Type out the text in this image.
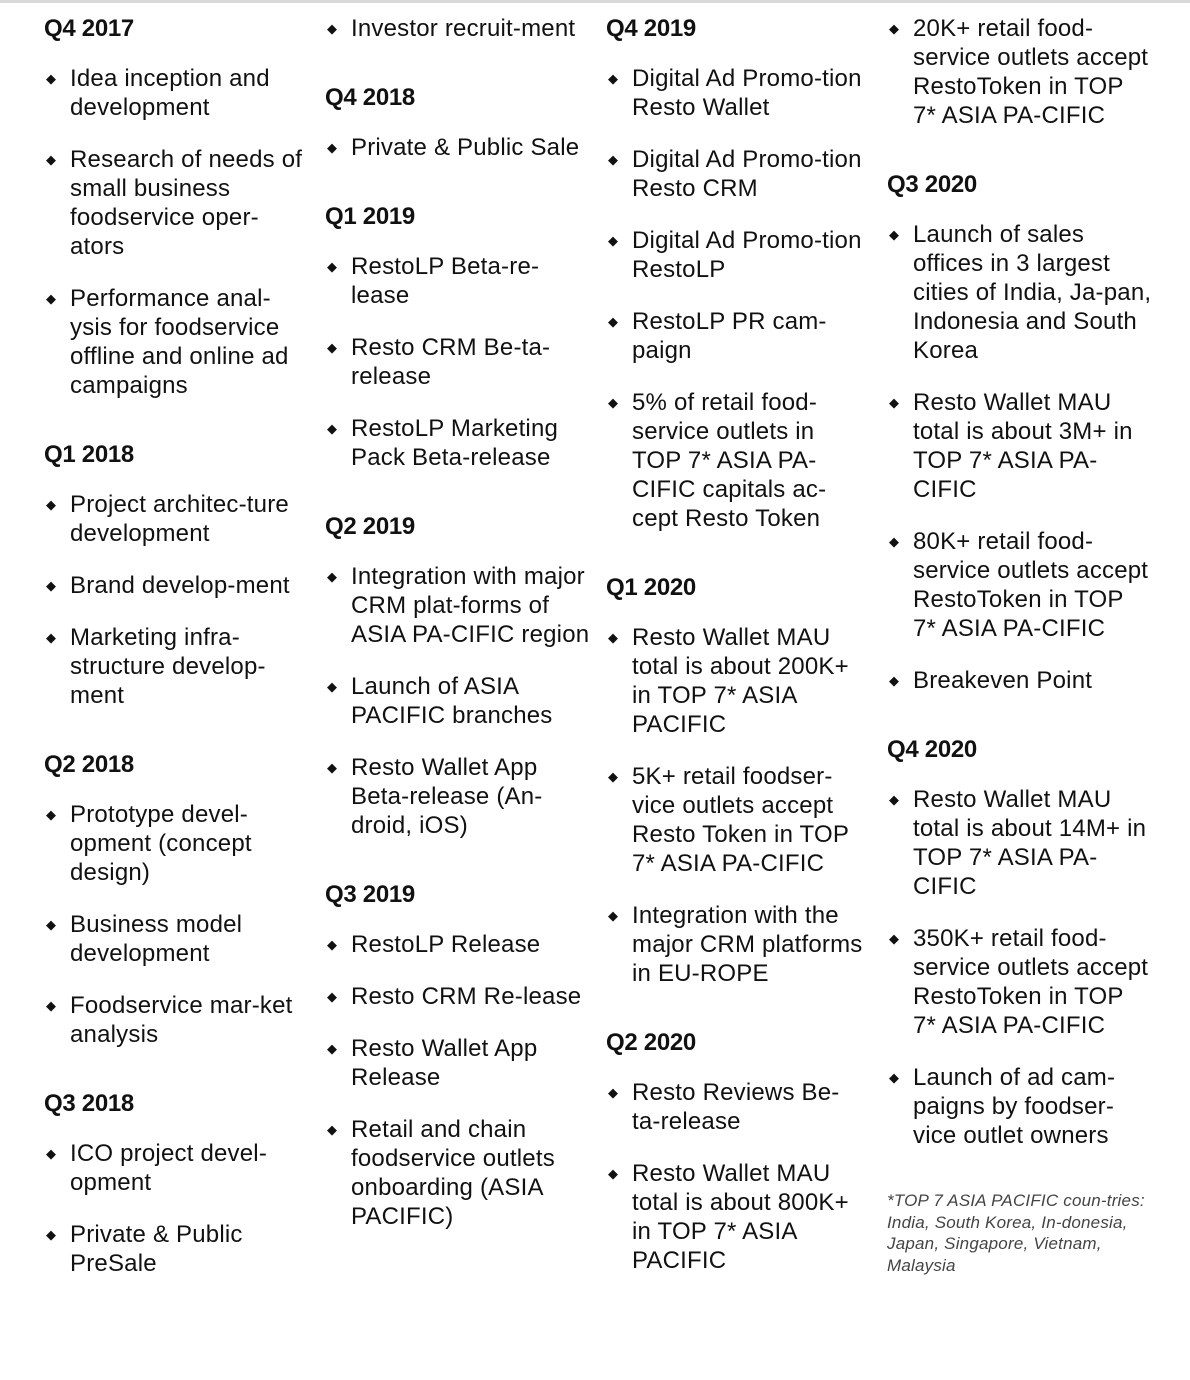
Q4 2017
◆ Idea inception and development
◆ Research of needs of small business foodservice oper-ators
◆ Performance anal-ysis for foodservice offline and online ad campaigns
Q1 2018
◆ Project architec-ture development
◆ Brand develop-ment
◆ Marketing infra-structure develop-ment
Q2 2018
◆ Prototype devel-opment (concept design)
◆ Business model development
◆ Foodservice mar-ket analysis
Q3 2018
◆ ICO project devel-opment
◆ Private & Public PreSale
◆ Investor recruit-ment
Q4 2018
◆ Private & Public Sale
Q1 2019
◆ RestoLP Beta-re-lease
◆ Resto CRM Be-ta-release
◆ RestoLP Marketing Pack Beta-release
Q2 2019
◆ Integration with major CRM plat-forms of ASIA PA-CIFIC region
◆ Launch of ASIA PACIFIC branches
◆ Resto Wallet App Beta-release (An-droid, iOS)
Q3 2019
◆ RestoLP Release
◆ Resto CRM Re-lease
◆ Resto Wallet App Release
◆ Retail and chain foodservice outlets onboarding (ASIA PACIFIC)
Q4 2019
◆ Digital Ad Promo-tion Resto Wallet
◆ Digital Ad Promo-tion Resto CRM
◆ Digital Ad Promo-tion RestoLP
◆ RestoLP PR cam-paign
◆ 5% of retail food-service outlets in TOP 7* ASIA PA-CIFIC capitals ac-cept Resto Token
Q1 2020
◆ Resto Wallet MAU total is about 200K+ in TOP 7* ASIA PACIFIC
◆ 5K+ retail foodser-vice outlets accept Resto Token in TOP 7* ASIA PA-CIFIC
◆ Integration with the major CRM platforms in EU-ROPE
Q2 2020
◆ Resto Reviews Be-ta-release
◆ Resto Wallet MAU total is about 800K+ in TOP 7* ASIA PACIFIC
◆ 20K+ retail food-service outlets accept RestoToken in TOP 7* ASIA PA-CIFIC
Q3 2020
◆ Launch of sales offices in 3 largest cities of India, Ja-pan, Indonesia and South Korea
◆ Resto Wallet MAU total is about 3M+ in TOP 7* ASIA PA-CIFIC
◆ 80K+ retail food-service outlets accept RestoToken in TOP 7* ASIA PA-CIFIC
◆ Breakeven Point
Q4 2020
◆ Resto Wallet MAU total is about 14M+ in TOP 7* ASIA PA-CIFIC
◆ 350K+ retail food-service outlets accept RestoToken in TOP 7* ASIA PA-CIFIC
◆ Launch of ad cam-paigns by foodser-vice outlet owners
*TOP 7 ASIA PACIFIC coun-tries: India, South Korea, In-donesia, Japan, Singapore, Vietnam, Malaysia
